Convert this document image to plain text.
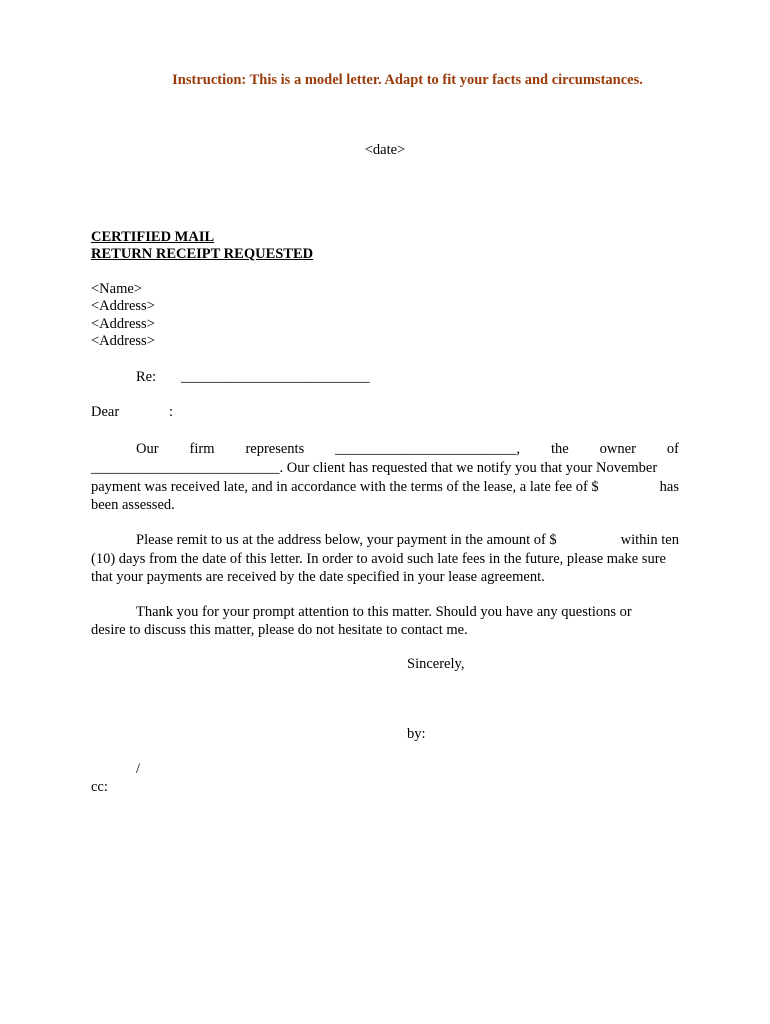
Instruction: This is a model letter. Adapt to fit your facts and circumstances.
<date>
CERTIFIED MAIL
RETURN RECEIPT REQUESTED
<Name>
<Address>
<Address>
<Address>
Re: __________________________
Dear	:
Our firm represents _________________________, the owner of
__________________________. Our client has requested that we notify you that your November
payment was received late, and in accordance with the terms of the lease, a late fee of $	has
been assessed.
Please remit to us at the address below, your payment in the amount of $	within ten
(10) days from the date of this letter. In order to avoid such late fees in the future, please make sure
that your payments are received by the date specified in your lease agreement.
Thank you for your prompt attention to this matter. Should you have any questions or
desire to discuss this matter, please do not hesitate to contact me.
Sincerely,
by:
/
cc:
